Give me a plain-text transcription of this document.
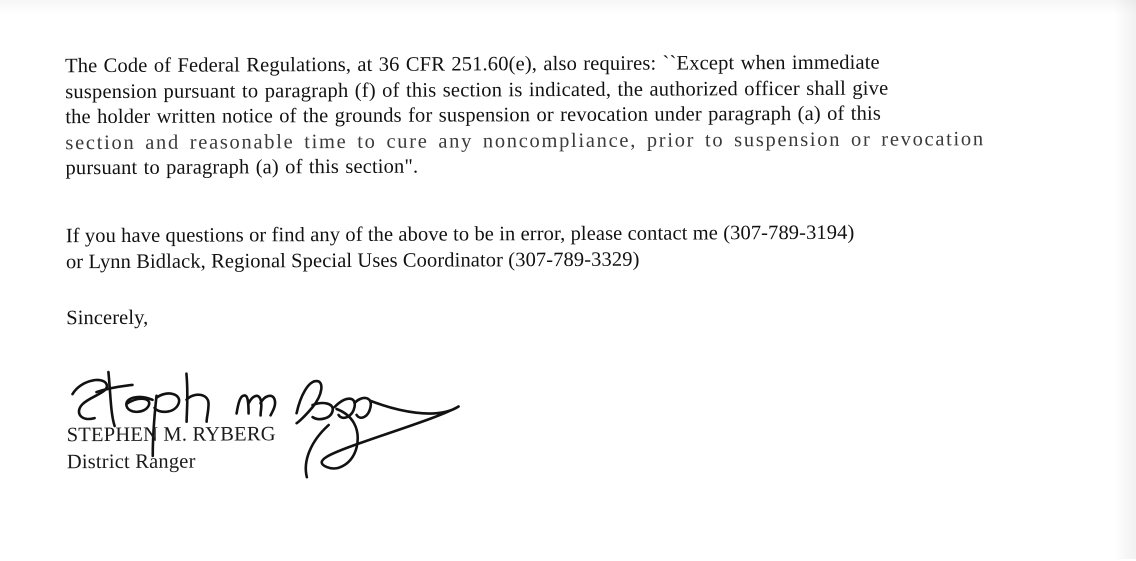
The Code of Federal Regulations, at 36 CFR 251.60(e), also requires: ``Except when immediate
suspension pursuant to paragraph (f) of this section is indicated, the authorized officer shall give
the holder written notice of the grounds for suspension or revocation under paragraph (a) of this
section and reasonable time to cure any noncompliance, prior to suspension or revocation
pursuant to paragraph (a) of this section".
If you have questions or find any of the above to be in error, please contact me (307-789-3194)
or Lynn Bidlack, Regional Special Uses Coordinator (307-789-3329)
Sincerely,
STEPHEN M. RYBERG
District Ranger
